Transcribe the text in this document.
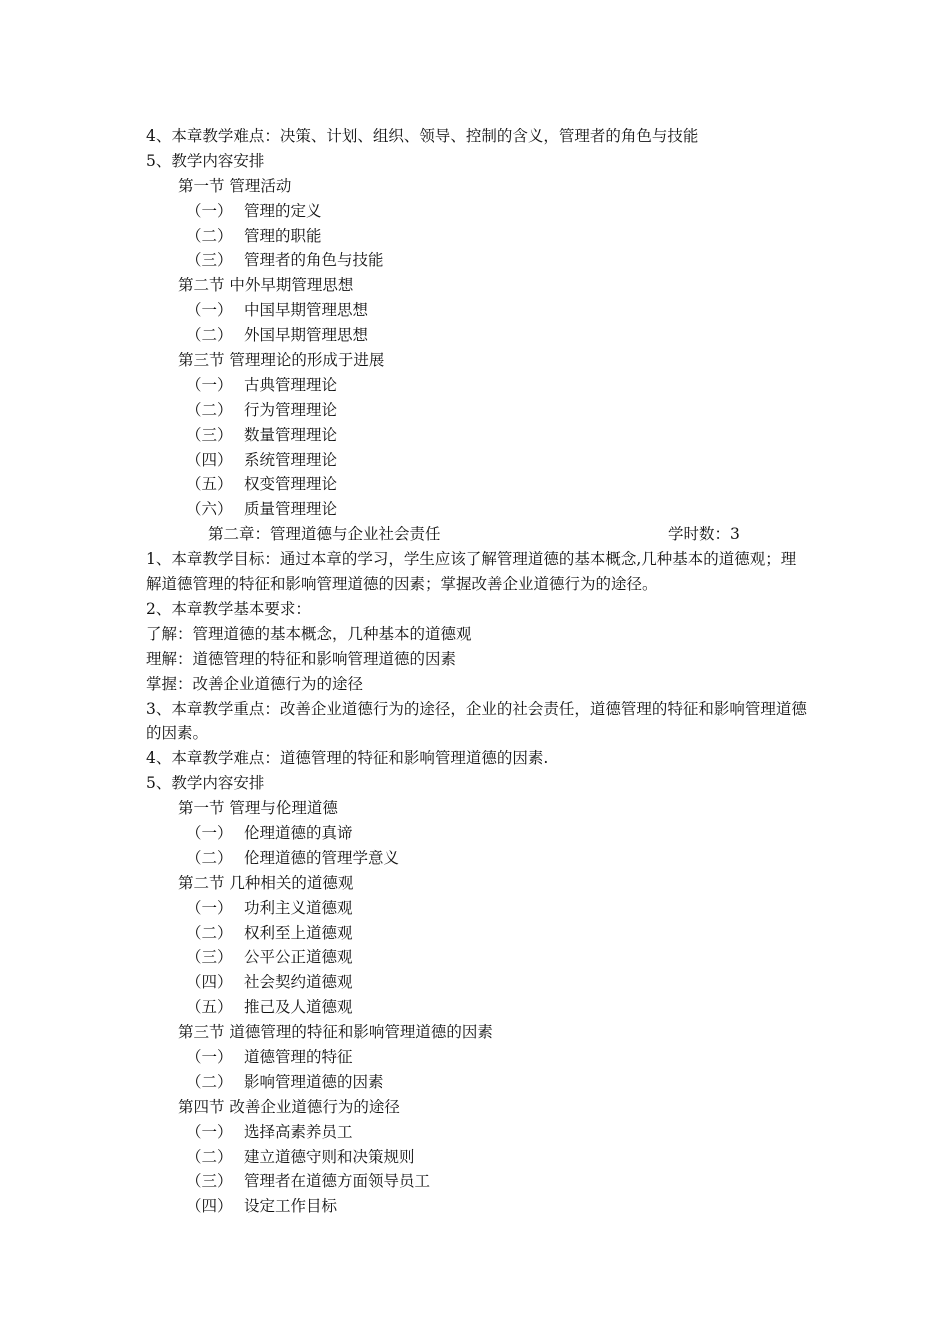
4、本章教学难点：决策、计划、组织、领导、控制的含义，管理者的角色与技能
5、教学内容安排
第一节 管理活动
（一） 管理的定义
（二） 管理的职能
（三） 管理者的角色与技能
第二节 中外早期管理思想
（一） 中国早期管理思想
（二） 外国早期管理思想
第三节 管理理论的形成于进展
（一） 古典管理理论
（二） 行为管理理论
（三） 数量管理理论
（四） 系统管理理论
（五） 权变管理理论
（六） 质量管理理论
第二章：管理道德与企业社会责任	学时数：3
1、本章教学目标：通过本章的学习，学生应该了解管理道德的基本概念,几种基本的道德观；理解道德管理的特征和影响管理道德的因素；掌握改善企业道德行为的途径。
2、本章教学基本要求：
了解：管理道德的基本概念，几种基本的道德观
理解：道德管理的特征和影响管理道德的因素
掌握：改善企业道德行为的途径
3、本章教学重点：改善企业道德行为的途径，企业的社会责任，道德管理的特征和影响管理道德的因素。
4、本章教学难点：道德管理的特征和影响管理道德的因素.
5、教学内容安排
第一节 管理与伦理道德
（一） 伦理道德的真谛
（二） 伦理道德的管理学意义
第二节 几种相关的道德观
（一） 功利主义道德观
（二） 权利至上道德观
（三） 公平公正道德观
（四） 社会契约道德观
（五） 推己及人道德观
第三节 道德管理的特征和影响管理道德的因素
（一） 道德管理的特征
（二） 影响管理道德的因素
第四节 改善企业道德行为的途径
（一） 选择高素养员工
（二） 建立道德守则和决策规则
（三） 管理者在道德方面领导员工
（四） 设定工作目标
